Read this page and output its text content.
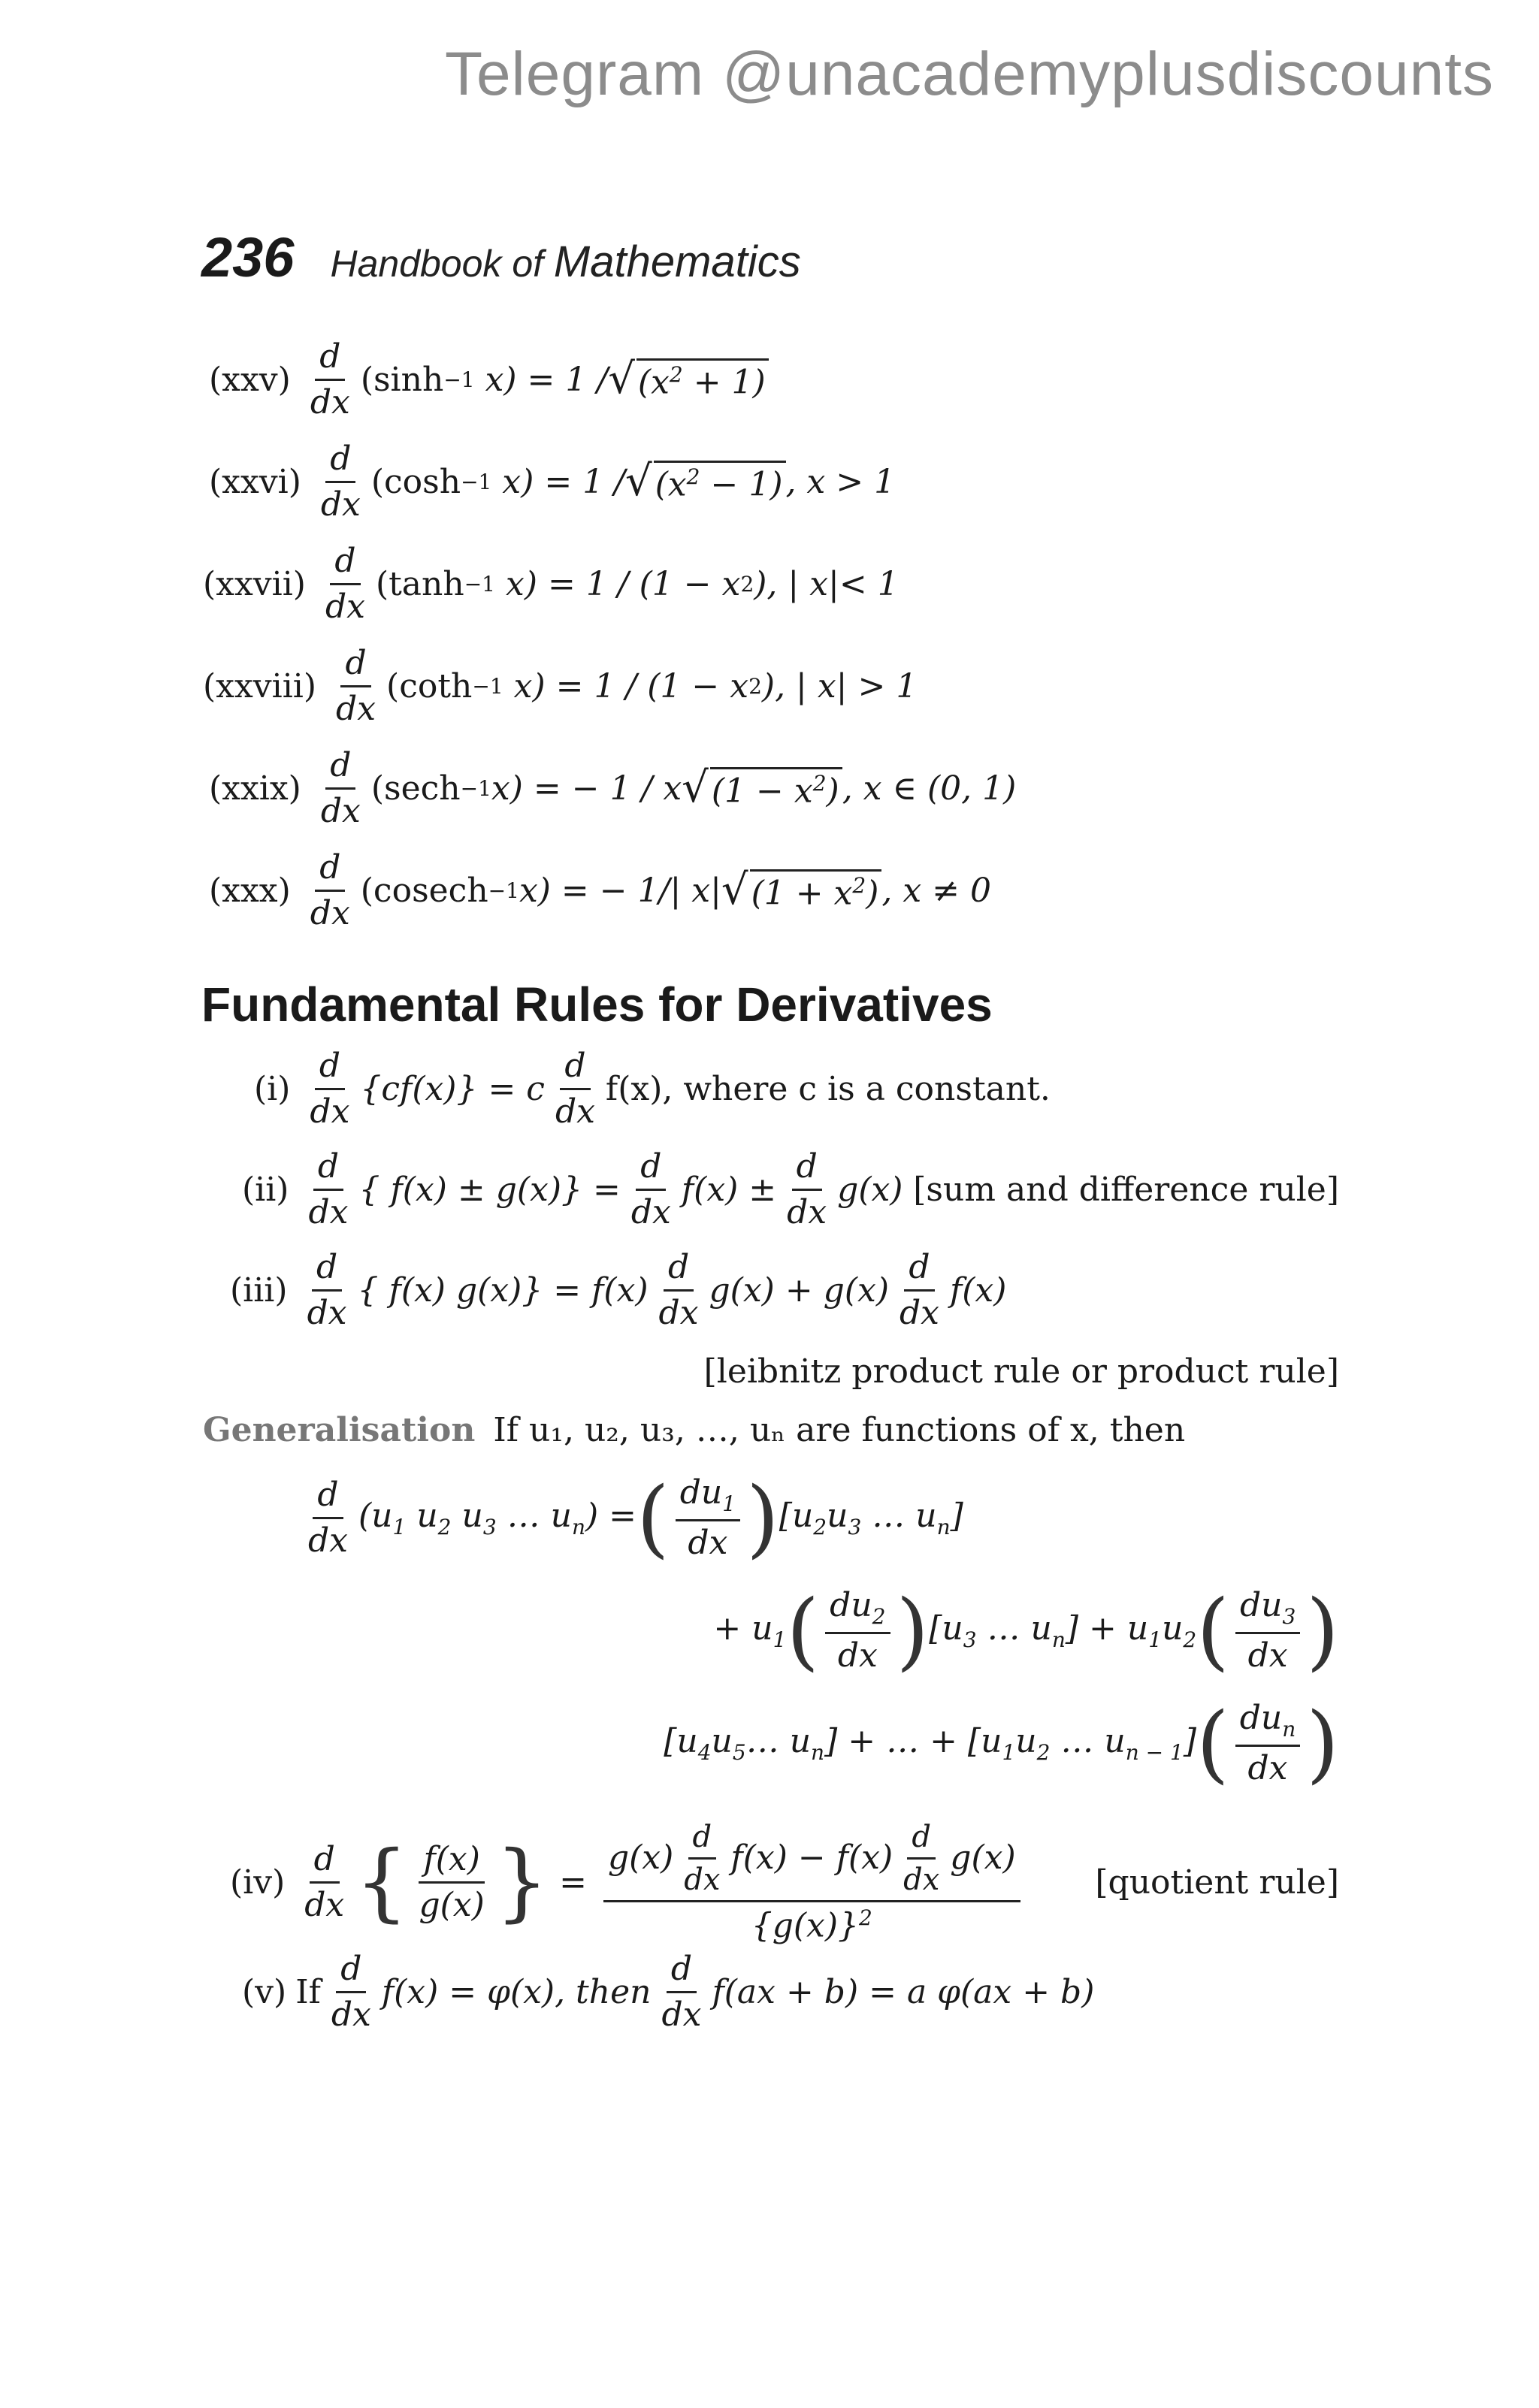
Telegram @unacademyplusdiscounts
236 Handbook of Mathematics
$(xxv) \frac{d}{dx} (\sinh -1$
x) = 1 / √ $(x^2 + 1)$
(xxvi) $\frac{d}{dx} (\cosh -1$
x) = 1 / √ $(x^2 - 1)$ , x > 1
(xxvii) $\frac{d}{dx} (\tanh -1$
x) = 1 / (1 − x 2 ), | x|< 1
(xxviii) $\frac{d}{dx} (\cot h -1$
x) = 1 / (1 − x 2 ), | x| > 1
(xxix) $\frac{d}{dx} (\sec h -1$ x) = − 1 / x √ $(1 - x^2)$ , x ∈ (0, 1)
$(xxx) \frac{d}{dx} (cosech -1$ x) = − 1/| x| √ $(1 + x^2)$ , x ≠ 0
Fundamental Rules for Derivatives
$(i) \frac{d}{dx} \{cf(x)\} = c \frac{d}{dx} f(x)$, where c is a constant.
$(ii) \frac{d}{dx}$ { $f(x) \pm g(x)\} = \frac{d}{dx} f(x) \pm \frac{d}{dx} g(x)$ [sum and difference rule]
$(iii) \frac{d}{dx}$ { f(x) $g(x)\} = f(x) \frac{d}{dx} g(x) + g(x) \frac{d}{dx} f(x)$
[leibnitz product rule or product rule]
Generalisation If u₁, u₂, u₃, …, uₙ are functions of x, then
$\frac{d}{dx} (u_1$ $u_2$ $u_3$ … $u_n$) = ( $\frac{du_1}{dx}$ ) [$u_2u_3$ … $u_n$]
+ $u_1$ ( $\frac{du_2}{dx}$ ) [$u_3$ … $u_n] + u_1u_2$ ( $\frac{du_3}{dx}$ )
[$u_4u_5\dots$ $u_n$] + … + [$u_1u_2$ … $u_{n - 1}$] ( $\frac{du_n}{dx}$ )
$(iv) \frac{d}{dx}$ { $\frac{f(x)}{g(x)}$ } = $\frac{g(x) \frac{d}{dx} f(x) - f(x) \frac{d}{dx} g(x)}{\{g(x)\}^2}$ [quotient rule]
(v) If $\frac{d}{dx} f(x) = \varphi(x)$, then $\frac{d}{dx} f(ax + b) = a$ φ(ax + b)
